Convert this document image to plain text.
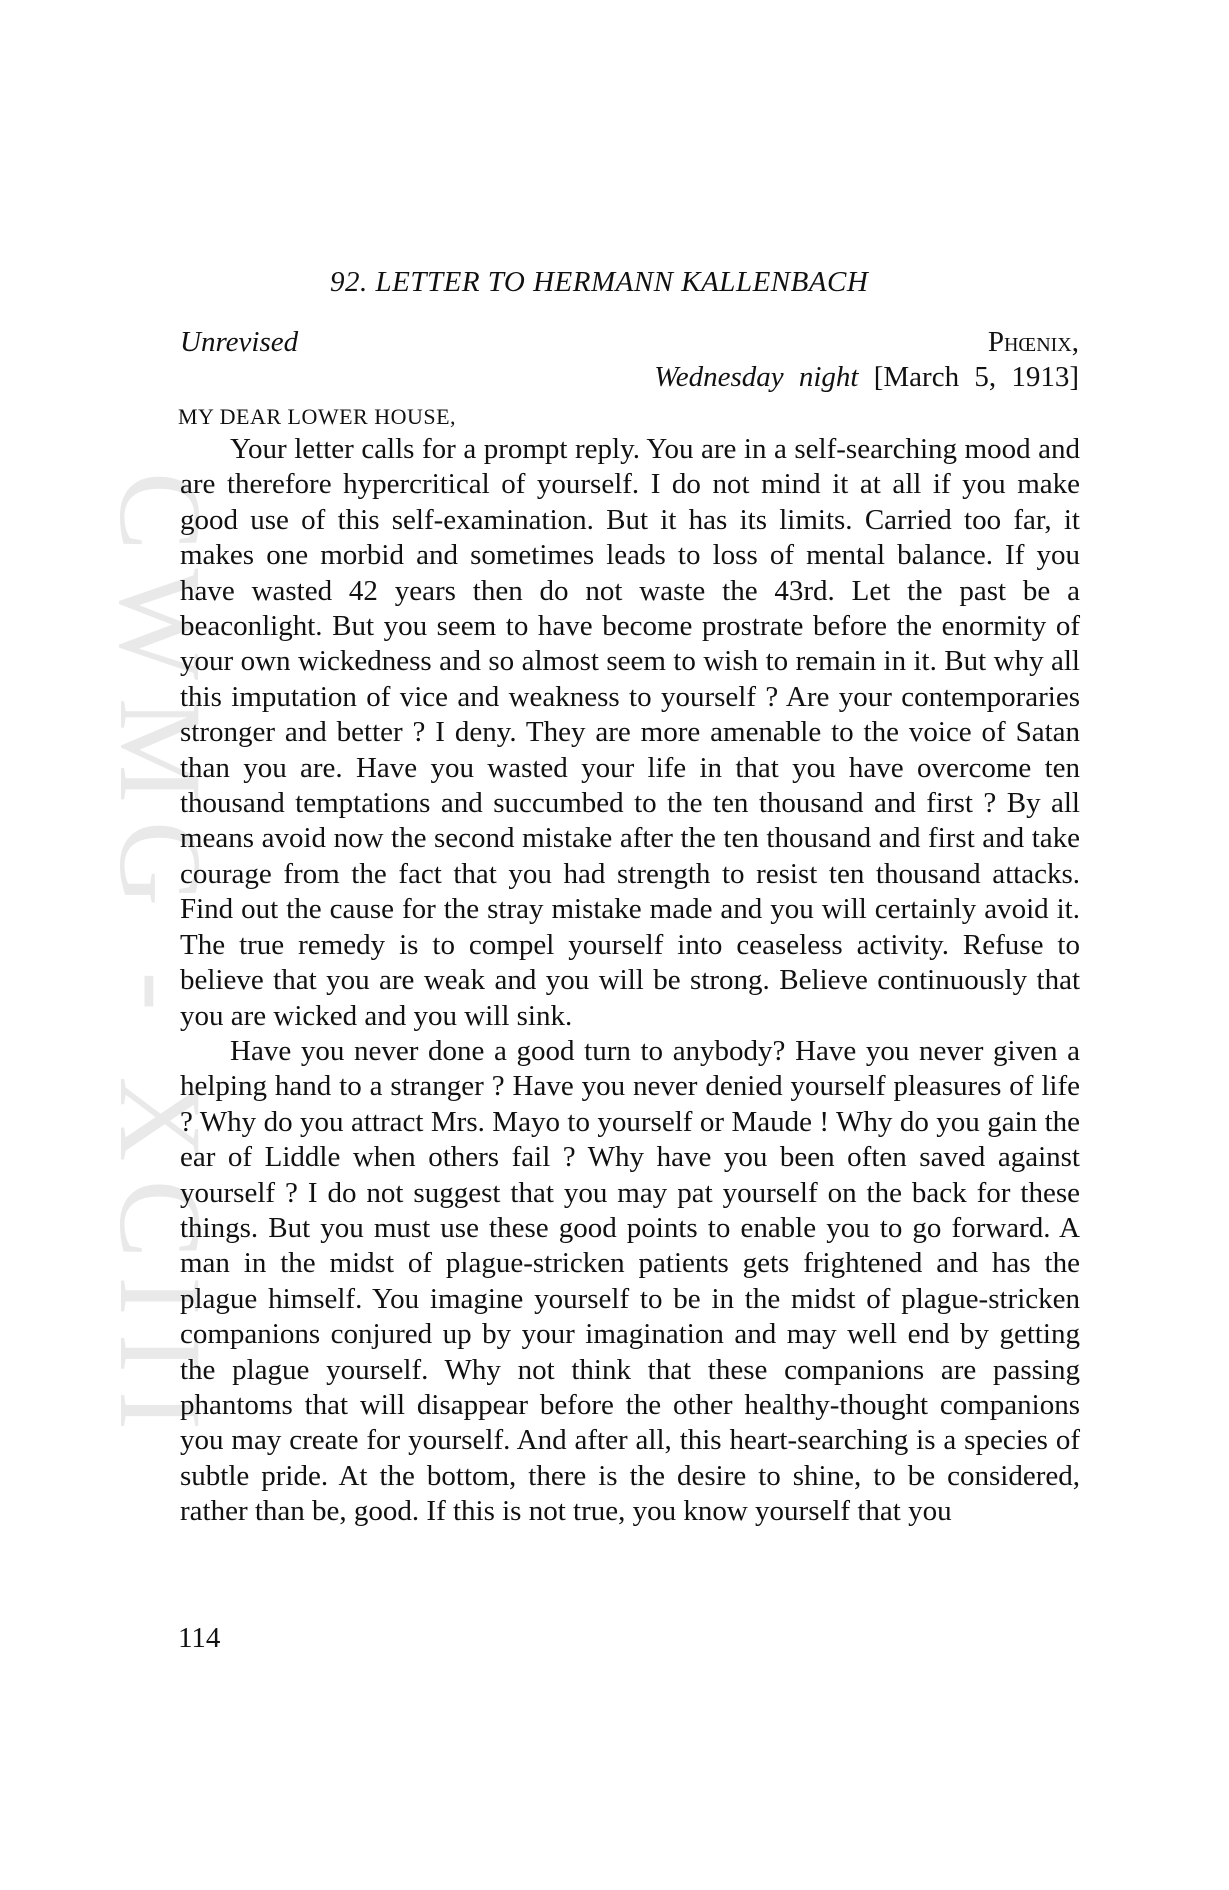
CWMG - XCIII
92. LETTER TO HERMANN KALLENBACH
Unrevised	Phœnix,
Wednesday night [March 5, 1913]
MY DEAR LOWER HOUSE,

Your letter calls for a prompt reply. You are in a self-searching mood and are therefore hypercritical of yourself. I do not mind it at all if you make good use of this self-examination. But it has its limits. Carried too far, it makes one morbid and sometimes leads to loss of mental balance. If you have wasted 42 years then do not waste the 43rd. Let the past be a beaconlight. But you seem to have become prostrate before the enormity of your own wickedness and so almost seem to wish to remain in it. But why all this imputation of vice and weakness to yourself ? Are your contemporaries stronger and better ? I deny. They are more amenable to the voice of Satan than you are. Have you wasted your life in that you have overcome ten thousand temptations and succumbed to the ten thousand and first ? By all means avoid now the second mistake after the ten thousand and first and take courage from the fact that you had strength to resist ten thousand attacks. Find out the cause for the stray mistake made and you will certainly avoid it. The true remedy is to compel yourself into ceaseless activity. Refuse to believe that you are weak and you will be strong. Believe continuously that you are wicked and you will sink.

Have you never done a good turn to anybody? Have you never given a helping hand to a stranger ? Have you never denied yourself pleasures of life ? Why do you attract Mrs. Mayo to yourself or Maude ! Why do you gain the ear of Liddle when others fail ? Why have you been often saved against yourself ? I do not suggest that you may pat yourself on the back for these things. But you must use these good points to enable you to go forward. A man in the midst of plague-stricken patients gets frightened and has the plague himself. You imagine yourself to be in the midst of plague-stricken companions conjured up by your imagination and may well end by getting the plague yourself. Why not think that these companions are passing phantoms that will disappear before the other healthy-thought companions you may create for yourself. And after all, this heart-searching is a species of subtle pride. At the bottom, there is the desire to shine, to be considered, rather than be, good. If this is not true, you know yourself that you

114
